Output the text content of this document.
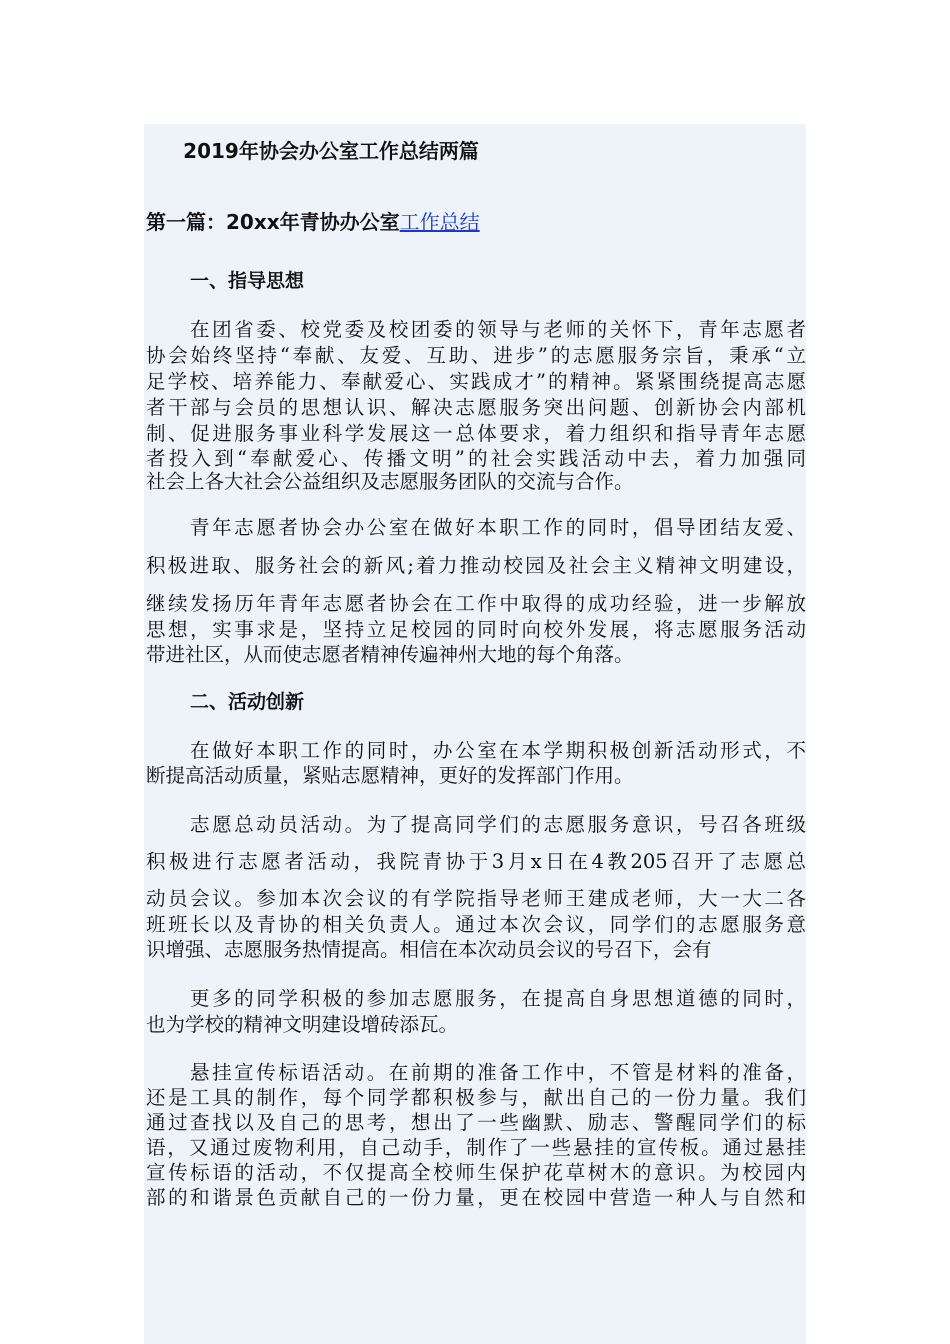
2019年协会办公室工作总结两篇
第一篇：20xx年青协办公室工作总结
一、指导思想
二、活动创新
在团省委、校党委及校团委的领导与老师的关怀下，青年志愿者
协会始终坚持“奉献、友爱、互助、进步”的志愿服务宗旨，秉承“立
足学校、培养能力、奉献爱心、实践成才”的精神。紧紧围绕提高志愿
者干部与会员的思想认识、解决志愿服务突出问题、创新协会内部机
制、促进服务事业科学发展这一总体要求，着力组织和指导青年志愿
者投入到“奉献爱心、传播文明”的社会实践活动中去，着力加强同
社会上各大社会公益组织及志愿服务团队的交流与合作。
青年志愿者协会办公室在做好本职工作的同时，倡导团结友爱、
积极进取、服务社会的新风;着力推动校园及社会主义精神文明建设，
继续发扬历年青年志愿者协会在工作中取得的成功经验，进一步解放
思想，实事求是，坚持立足校园的同时向校外发展，将志愿服务活动
带进社区，从而使志愿者精神传遍神州大地的每个角落。
在做好本职工作的同时，办公室在本学期积极创新活动形式，不
断提高活动质量，紧贴志愿精神，更好的发挥部门作用。
志愿总动员活动。为了提高同学们的志愿服务意识，号召各班级
积极进行志愿者活动，我院青协于3月x日在4教205召开了志愿总
动员会议。参加本次会议的有学院指导老师王建成老师，大一大二各
班班长以及青协的相关负责人。通过本次会议，同学们的志愿服务意
识增强、志愿服务热情提高。相信在本次动员会议的号召下，会有
更多的同学积极的参加志愿服务，在提高自身思想道德的同时，
也为学校的精神文明建设增砖添瓦。
悬挂宣传标语活动。在前期的准备工作中，不管是材料的准备，
还是工具的制作，每个同学都积极参与，献出自己的一份力量。我们
通过查找以及自己的思考，想出了一些幽默、励志、警醒同学们的标
语，又通过废物利用，自己动手，制作了一些悬挂的宣传板。通过悬挂
宣传标语的活动，不仅提高全校师生保护花草树木的意识。为校园内
部的和谐景色贡献自己的一份力量，更在校园中营造一种人与自然和
